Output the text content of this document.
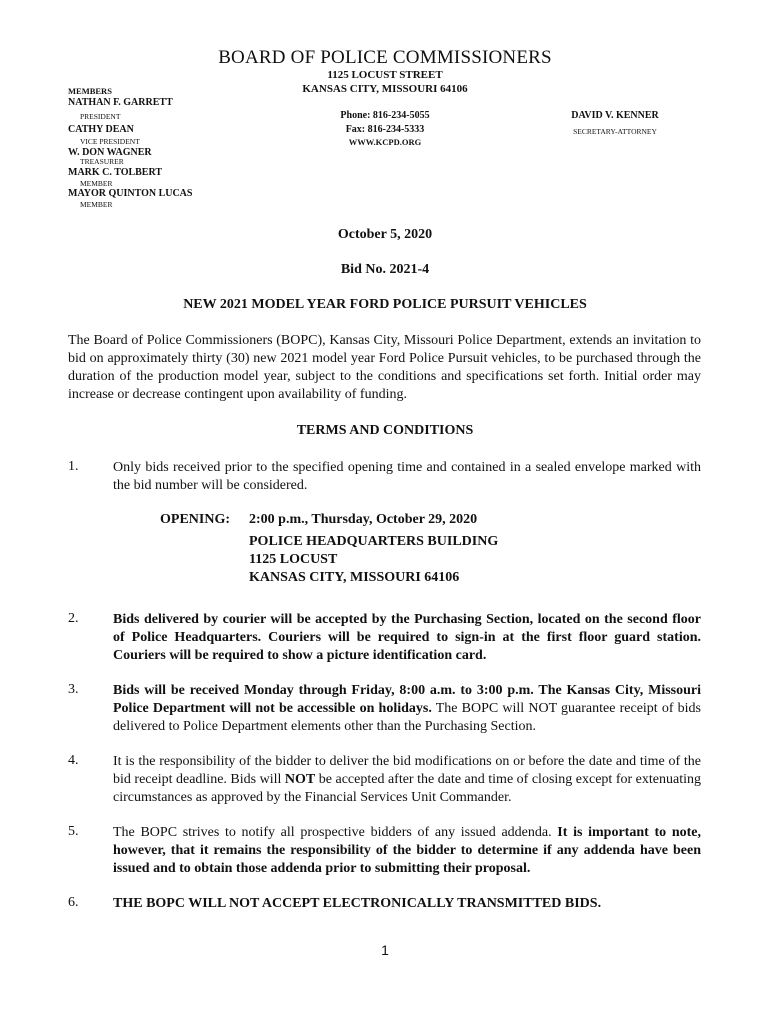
BOARD OF POLICE COMMISSIONERS
1125 LOCUST STREET
KANSAS CITY, MISSOURI 64106
MEMBERS
NATHAN F. GARRETT
PRESIDENT
CATHY DEAN
VICE PRESIDENT
W. DON WAGNER
TREASURER
MARK C. TOLBERT
MEMBER
MAYOR QUINTON LUCAS
MEMBER
Phone: 816-234-5055
Fax: 816-234-5333
WWW.KCPD.ORG
DAVID V. KENNER
SECRETARY-ATTORNEY
October 5, 2020
Bid No. 2021-4
NEW 2021 MODEL YEAR FORD POLICE PURSUIT VEHICLES
The Board of Police Commissioners (BOPC), Kansas City, Missouri Police Department, extends an invitation to bid on approximately thirty (30) new 2021 model year Ford Police Pursuit vehicles, to be purchased through the duration of the production model year, subject to the conditions and specifications set forth. Initial order may increase or decrease contingent upon availability of funding.
TERMS AND CONDITIONS
1. Only bids received prior to the specified opening time and contained in a sealed envelope marked with the bid number will be considered.
OPENING: 2:00 p.m., Thursday, October 29, 2020
POLICE HEADQUARTERS BUILDING
1125 LOCUST
KANSAS CITY, MISSOURI 64106
2. Bids delivered by courier will be accepted by the Purchasing Section, located on the second floor of Police Headquarters. Couriers will be required to sign-in at the first floor guard station. Couriers will be required to show a picture identification card.
3. Bids will be received Monday through Friday, 8:00 a.m. to 3:00 p.m. The Kansas City, Missouri Police Department will not be accessible on holidays. The BOPC will NOT guarantee receipt of bids delivered to Police Department elements other than the Purchasing Section.
4. It is the responsibility of the bidder to deliver the bid modifications on or before the date and time of the bid receipt deadline. Bids will NOT be accepted after the date and time of closing except for extenuating circumstances as approved by the Financial Services Unit Commander.
5. The BOPC strives to notify all prospective bidders of any issued addenda. It is important to note, however, that it remains the responsibility of the bidder to determine if any addenda have been issued and to obtain those addenda prior to submitting their proposal.
6. THE BOPC WILL NOT ACCEPT ELECTRONICALLY TRANSMITTED BIDS.
1
